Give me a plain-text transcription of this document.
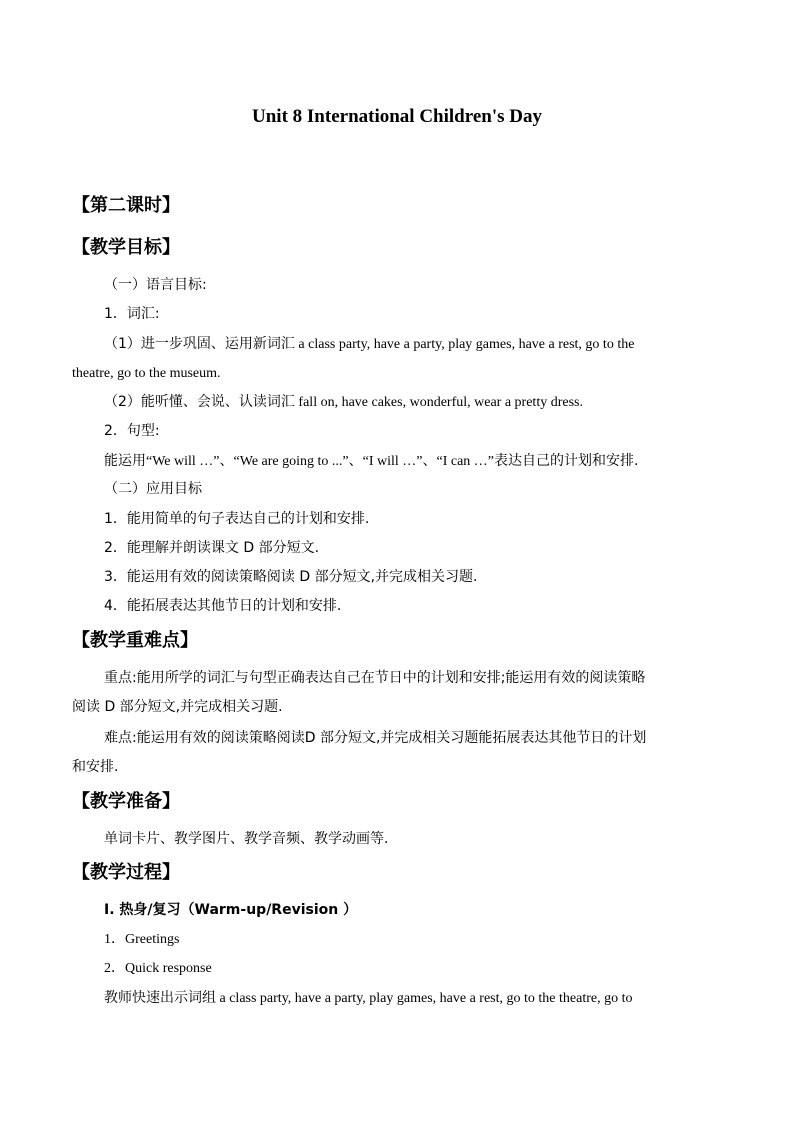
Unit 8 International Children's Day
【第二课时】
【教学目标】
（一）语言目标:
1．词汇:
（1）进一步巩固、运用新词汇 a class party, have a party, play games, have a rest, go to the
theatre, go to the museum.
（2）能听懂、会说、认读词汇 fall on, have cakes, wonderful, wear a pretty dress.
2．句型:
能运用“We will …”、“We are going to ...”、“I will …”、“I can …”表达自己的计划和安排.
（二）应用目标
1．能用简单的句子表达自己的计划和安排.
2．能理解并朗读课文 D 部分短文.
3．能运用有效的阅读策略阅读 D 部分短文,并完成相关习题.
4．能拓展表达其他节日的计划和安排.
【教学重难点】
重点:能用所学的词汇与句型正确表达自己在节日中的计划和安排;能运用有效的阅读策略
阅读 D 部分短文,并完成相关习题.
难点:能运用有效的阅读策略阅读D 部分短文,并完成相关习题能拓展表达其他节日的计划
和安排.
【教学准备】
单词卡片、教学图片、教学音频、教学动画等.
【教学过程】
I. 热身/复习（Warm-up/Revision ）
1．Greetings
2．Quick response
教师快速出示词组 a class party, have a party, play games, have a rest, go to the theatre, go to
